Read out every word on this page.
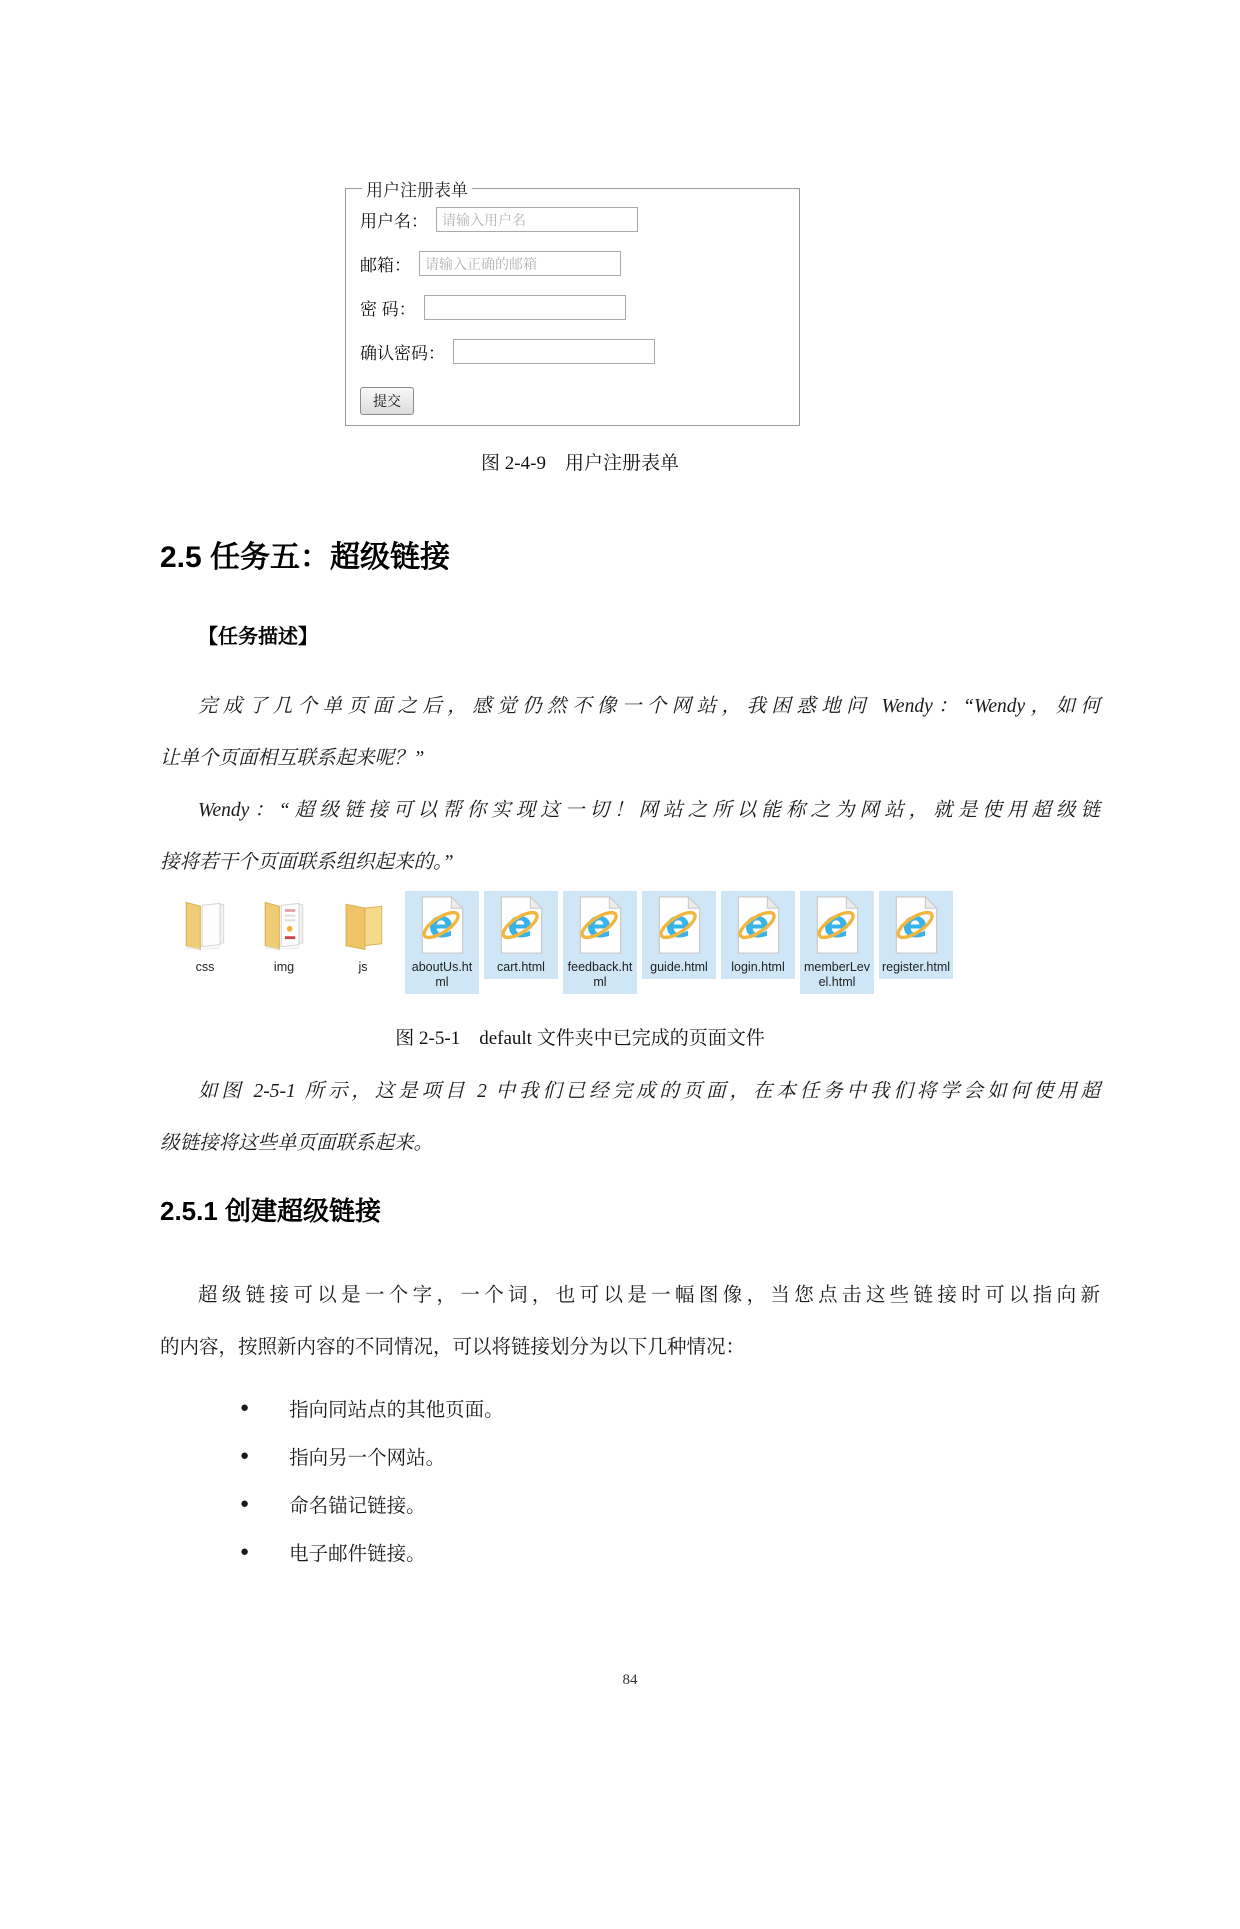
用户注册表单
用户名：
请输入用户名
邮箱：
请输入正确的邮箱
密 码：
确认密码：
提交
图 2-4-9　用户注册表单
2.5 任务五：超级链接
【任务描述】
完成了几个单页面之后，感觉仍然不像一个网站，我困惑地问 Wendy：“Wendy，如何
让单个页面相互联系起来呢？”
Wendy：“超级链接可以帮你实现这一切！网站之所以能称之为网站，就是使用超级链
接将若干个页面联系组织起来的。”
css	img	js	aboutUs.html
cart.html feedback.html
guide.html login.html memberLevel.html
register.html
图 2-5-1　default 文件夹中已完成的页面文件
如图 2-5-1 所示，这是项目 2 中我们已经完成的页面，在本任务中我们将学会如何使用超
级链接将这些单页面联系起来。
2.5.1 创建超级链接
超级链接可以是一个字，一个词，也可以是一幅图像，当您点击这些链接时可以指向新
的内容，按照新内容的不同情况，可以将链接划分为以下几种情况：
● 指向同站点的其他页面。
● 指向另一个网站。
● 命名锚记链接。
● 电子邮件链接。
84
